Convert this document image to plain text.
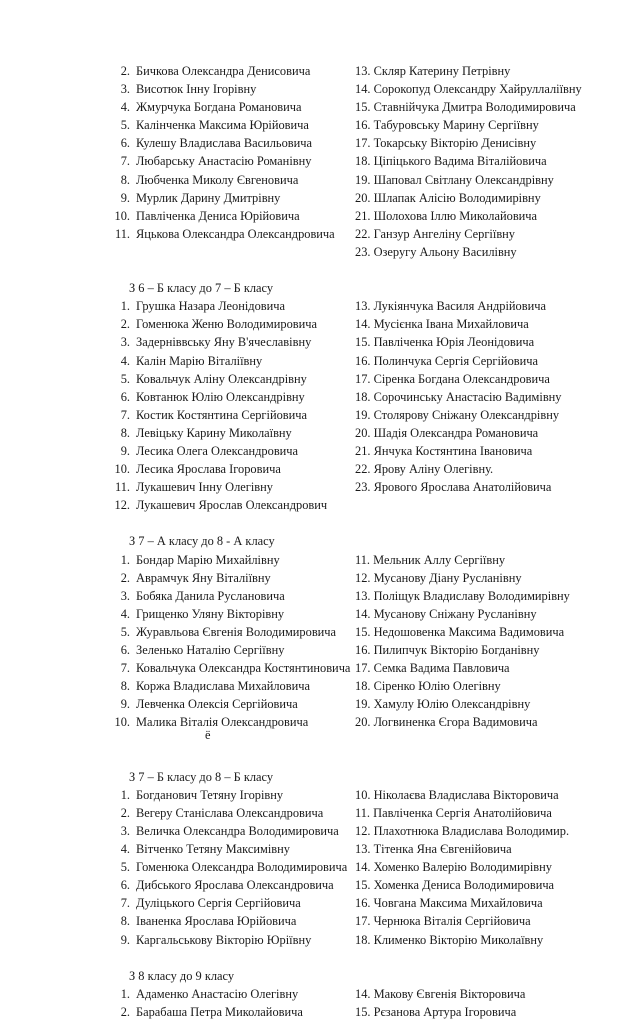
2. Бичкова Олександра Денисовича	13. Скляр Катерину Петрівну
3. Висотюк Інну Ігорівну	14. Сорокопуд Олександру Хайруллаліївну
4. Жмурчука Богдана Романовича	15. Ставнійчука Дмитра Володимировича
5. Калінченка Максима Юрійовича	16. Табуровську Марину Сергіївну
6. Кулешу Владислава Васильовича	17. Токарську Вікторію Денисівну
7. Любарську Анастасію Романівну	18. Ціпіцького Вадима Віталійовича
8. Любченка Миколу Євгеновича	19. Шаповал Світлану Олександрівну
9. Мурлик Дарину Дмитрівну	20. Шлапак Алісію Володимирівну
10. Павліченка Дениса Юрійовича	21. Шолохова Іллю Миколайовича
11. Яцькова Олександра Олександровича 22. Ганзур Ангеліну Сергіївну
23. Озеругу Альону Василівну
З 6 – Б класу до 7 – Б класу
1. Грушка Назара Леонідовича	13. Лукіянчука Василя Андрійовича
2. Гоменюка Женю Володимировича	14. Мусієнка Івана Михайловича
3. Задерніввську Яну В'ячеславівну	15. Павліченка Юрія Леонідовича
4. Калін Марію Віталіївну	16. Полинчука Сергія Сергійовича
5. Ковальчук Аліну Олександрівну	17. Сіренка Богдана Олександровича
6. Ковтанюк Юлію Олександрівну	18. Сорочинську Анастасію Вадимівну
7. Костик Костянтина Сергійовича	19. Столярову Сніжану Олександрівну
8. Левіцьку Карину Миколаївну	20. Шадія Олександра Романовича
9. Лесика Олега Олександровича	21. Янчука Костянтина Івановича
10. Лесика Ярослава Ігоровича	22. Ярову Аліну Олегівну.
11. Лукашевич Інну Олегівну	23. Ярового Ярослава Анатолійовича
12. Лукашевич Ярослав Олександрович
З 7 – А класу до 8 - А класу
1. Бондар Марію Михайлівну	11. Мельник Аллу Сергіївну
2. Аврамчук Яну Віталіївну	12. Мусанову Діану Русланівну
3. Бобяка Данила Руслановича	13. Поліщук Владиславу Володимирівну
4. Грищенко Уляну Вікторівну	14. Мусанову Сніжану Русланівну
5. Журавльова Євгенія Володимировича 15. Недошовенка Максима Вадимовича
6. Зеленько Наталію Сергіївну	16. Пилипчук Вікторію Богданівну
7. Ковальчука Олександра Костянтиновича 17. Семка Вадима Павловича
8. Коржа Владислава Михайловича	18. Сіренко Юлію Олегівну
9. Левченка Олексія Сергійовича	19. Хамулу Юлію Олександрівну
10. Малика Віталія Олександровича	20. Логвиненка Єгора Вадимовича
ё
З 7 – Б класу до 8 – Б класу
1. Богданович Тетяну Ігорівну	10. Ніколаєва Владислава Вікторовича
2. Вегеру Станіслава Олександровича	11. Павліченка Сергія Анатолійовича
3. Величка Олександра Володимировича 12. Плахотнюка Владислава Володимир.
4. Вітченко Тетяну Максимівну	13. Тітенка Яна Євгенійовича
5. Гоменюка Олександра Володимировича 14. Хоменко Валерію Володимирівну
6. Дибського Ярослава Олександровича 15. Хоменка Дениса Володимировича
7. Дуліцького Сергія Сергійовича	16. Човгана Максима Михайловича
8. Іваненка Ярослава Юрійовича	17. Чернюка Віталія Сергійовича
9. Каргальськову Вікторію Юріївну	18. Клименко Вікторію Миколаївну
З 8 класу до 9 класу
1. Адаменко Анастасію Олегівну	14. Макову Євгенія Вікторовича
2. Барабаша Петра Миколайовича	15. Рєзанова Артура Ігоровича
